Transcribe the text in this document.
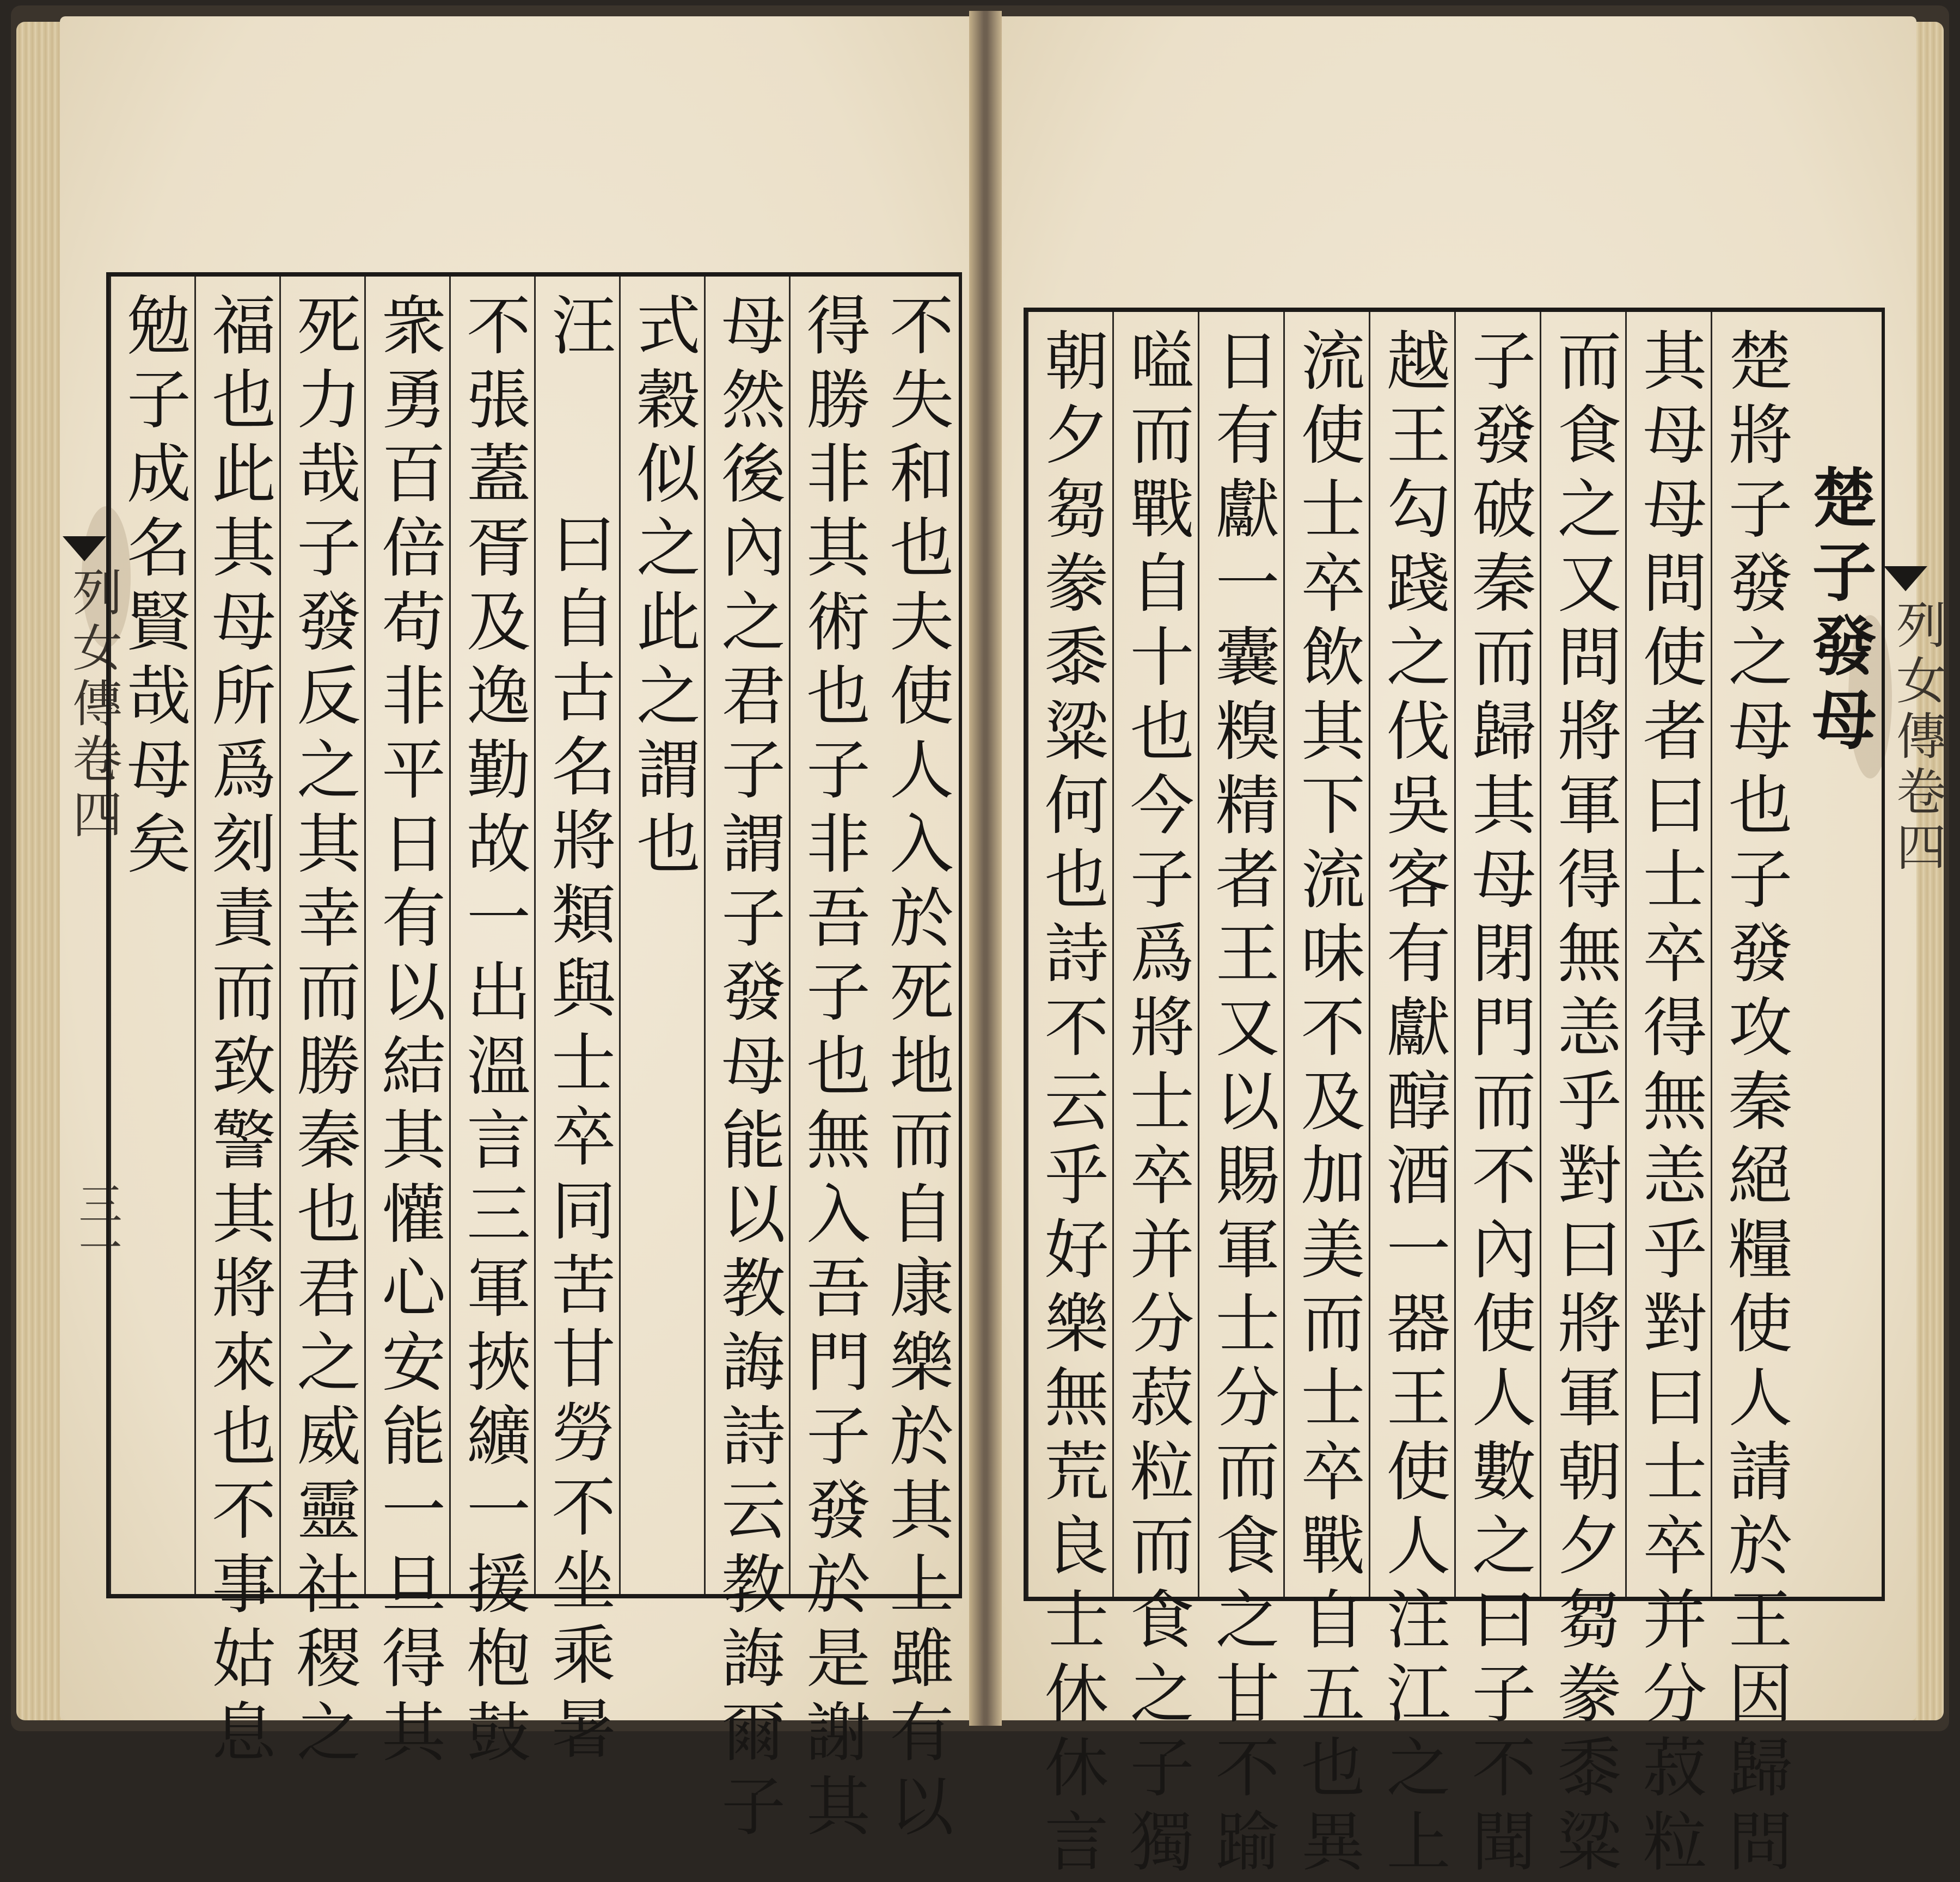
列女傳卷四
三一
列女傳卷四
不失和也夫使人入於死地而自康樂於其上雖有以
得勝非其術也子非吾子也無入吾門子發於是謝其
母然後內之君子謂子發母能以教誨詩云教誨爾子
式穀似之此之謂也
汪
曰自古名將類與士卒同苦甘勞不坐乘暑
不張蓋胥及逸勤故一出溫言三軍挾纊一援枹鼓
衆勇百倍苟非平日有以結其懽心安能一旦得其
死力哉子發反之其幸而勝秦也君之威靈社稷之
福也此其母所爲刻責而致警其將來也不事姑息
勉子成名賢哉母矣	楚子發母
楚將子發之母也子發攻秦絕糧使人請於王因歸問
其母母問使者曰士卒得無恙乎對曰士卒并分菽粒
而食之又問將軍得無恙乎對曰將軍朝夕芻豢黍粱
子發破秦而歸其母閉門而不內使人數之曰子不聞
越王勾踐之伐吳客有獻醇酒一器王使人注江之上
流使士卒飲其下流味不及加美而士卒戰自五也異
日有獻一囊糗精者王又以賜軍士分而食之甘不踰
嗌而戰自十也今子爲將士卒并分菽粒而食之子獨
朝夕芻豢黍粱何也詩不云乎好樂無荒良士休休言
